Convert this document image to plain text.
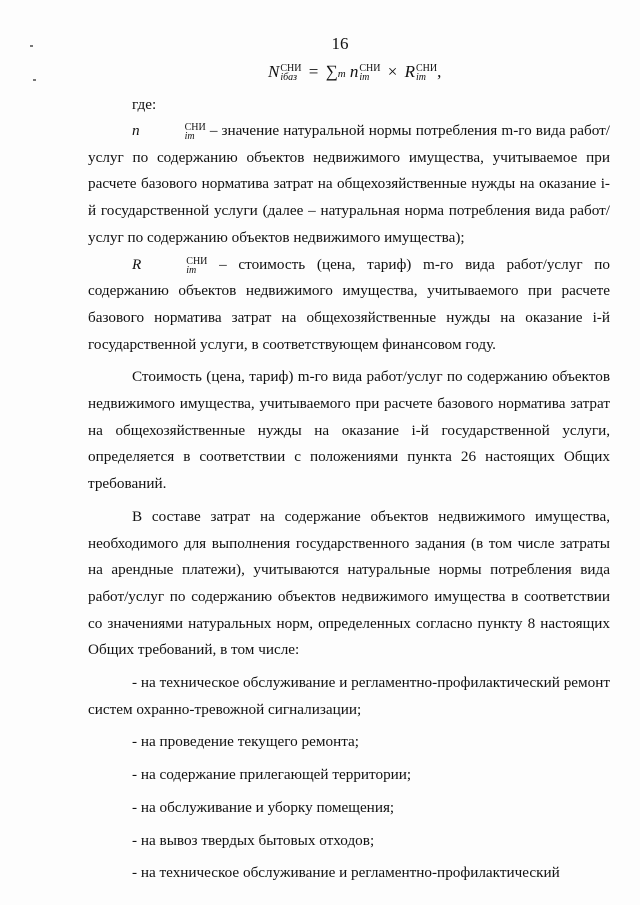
16
N СНИ
iбаз = ∑m n СНИ
im	× R СНИ
im ,
где:

n	СНИ
im	– значение натуральной нормы потребления m-го вида работ/услуг по содержанию объектов недвижимого имущества, учитываемое при расчете базового норматива затрат на общехозяйственные нужды на оказание i-й государственной услуги (далее – натуральная норма потребления вида работ/услуг по содержанию объектов недвижимого имущества);

R	СНИ
im	– стоимость (цена, тариф) m-го вида работ/услуг по содержанию объектов недвижимого имущества, учитываемого при расчете базового норматива затрат на общехозяйственные нужды на оказание i-й государственной услуги, в соответствующем финансовом году.

Стоимость (цена, тариф) m-го вида работ/услуг по содержанию объектов недвижимого имущества, учитываемого при расчете базового норматива затрат на общехозяйственные нужды на оказание i-й государственной услуги, определяется в соответствии с положениями пункта 26 настоящих Общих требований.

В составе затрат на содержание объектов недвижимого имущества, необходимого для выполнения государственного задания (в том числе затраты на арендные платежи), учитываются натуральные нормы потребления вида работ/услуг по содержанию объектов недвижимого имущества в соответствии со значениями натуральных норм, определенных согласно пункту 8 настоящих Общих требований, в том числе:

- на техническое обслуживание и регламентно-профилактический ремонт систем охранно-тревожной сигнализации;

- на проведение текущего ремонта;

- на содержание прилегающей территории;

- на обслуживание и уборку помещения;

- на вывоз твердых бытовых отходов;

- на техническое обслуживание и регламентно-профилактический
